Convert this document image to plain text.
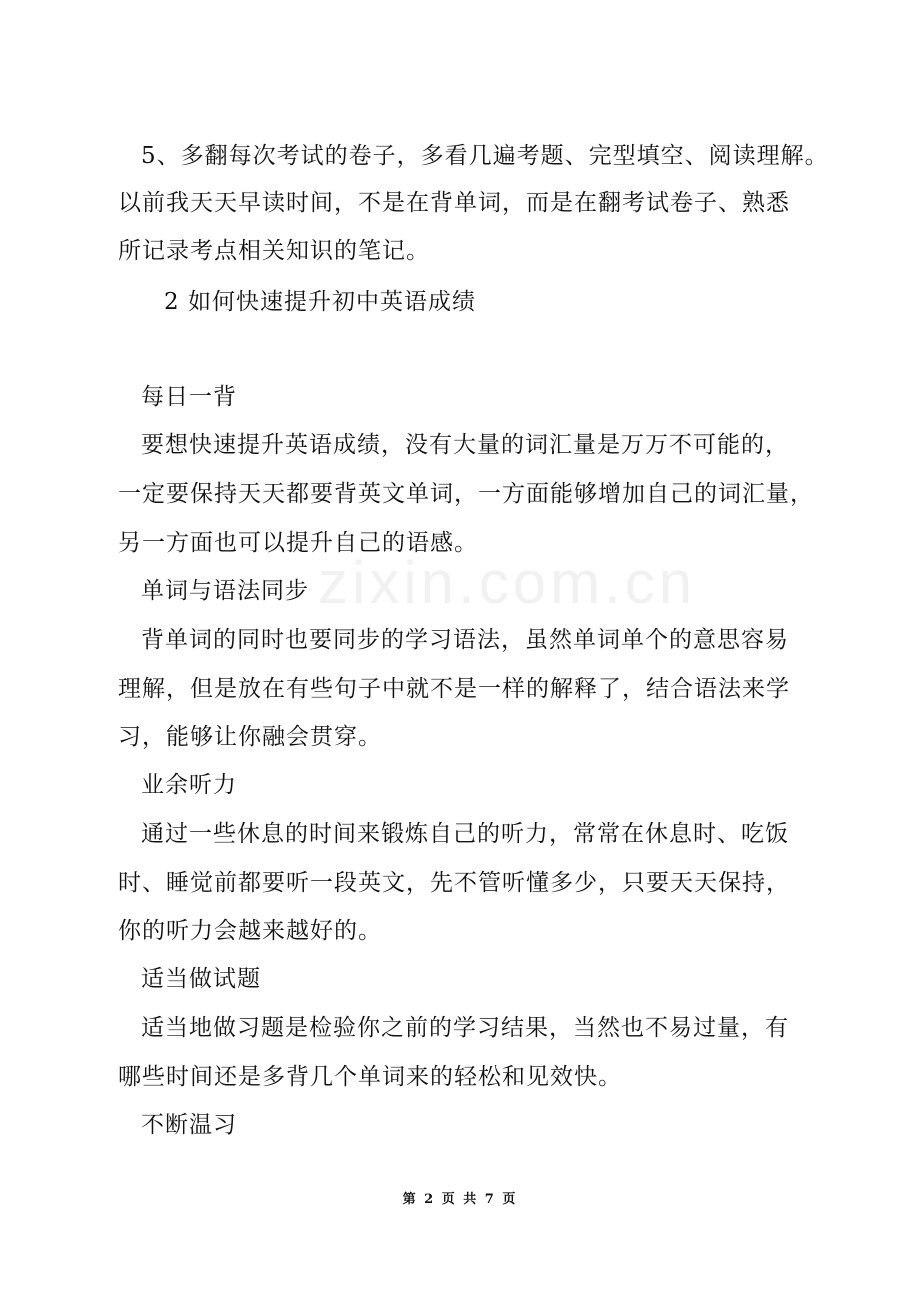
zixin.com.cn
5、多翻每次考试的卷子，多看几遍考题、完型填空、阅读理解。
以前我天天早读时间，不是在背单词，而是在翻考试卷子、熟悉
所记录考点相关知识的笔记。
2 如何快速提升初中英语成绩
每日一背
要想快速提升英语成绩，没有大量的词汇量是万万不可能的，
一定要保持天天都要背英文单词，一方面能够增加自己的词汇量，
另一方面也可以提升自己的语感。
单词与语法同步
背单词的同时也要同步的学习语法，虽然单词单个的意思容易
理解，但是放在有些句子中就不是一样的解释了，结合语法来学
习，能够让你融会贯穿。
业余听力
通过一些休息的时间来锻炼自己的听力，常常在休息时、吃饭
时、睡觉前都要听一段英文，先不管听懂多少，只要天天保持，
你的听力会越来越好的。
适当做试题
适当地做习题是检验你之前的学习结果，当然也不易过量，有
哪些时间还是多背几个单词来的轻松和见效快。
不断温习
第 2 页 共 7 页
